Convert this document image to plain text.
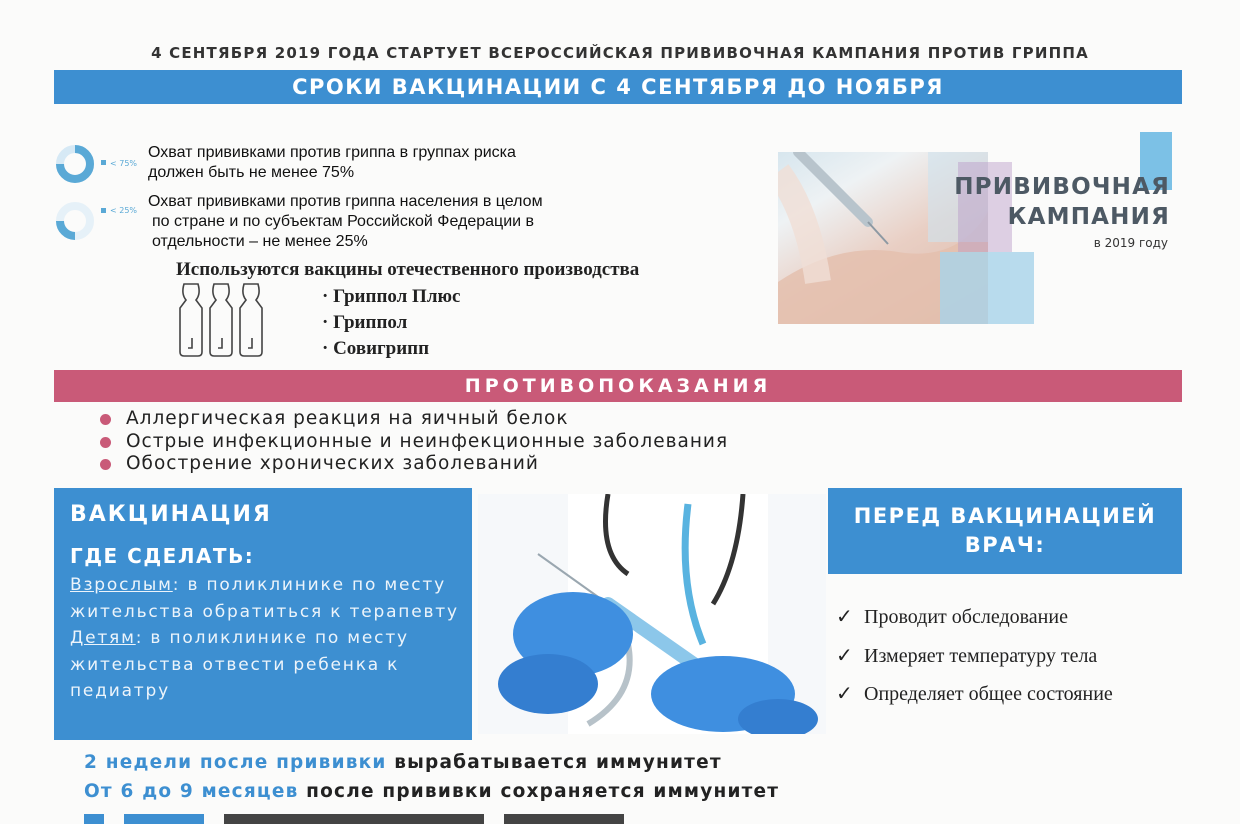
4 СЕНТЯБРЯ 2019 ГОДА СТАРТУЕТ ВСЕРОССИЙСКАЯ ПРИВИВОЧНАЯ КАМПАНИЯ ПРОТИВ ГРИППА
СРОКИ ВАКЦИНАЦИИ С 4 СЕНТЯБРЯ ДО НОЯБРЯ
< 75%
Охват прививками против гриппа в группах риска
должен быть не менее 75%
< 25%
Охват прививками против гриппа населения в целом
по стране и по субъектам Российской Федерации в
отдельности – не менее 25%
Используются вакцины отечественного производства
· Гриппол Плюс
· Гриппол
· Совигрипп
ПРИВИВОЧНАЯ
КАМПАНИЯ
в 2019 году
ПРОТИВОПОКАЗАНИЯ
Аллергическая реакция на яичный белок
Острые инфекционные и неинфекционные заболевания
Обострение хронических заболеваний
ВАКЦИНАЦИЯ
ГДЕ СДЕЛАТЬ:
Взрослым: в поликлинике по месту жительства обратиться к терапевту
Детям: в поликлинике по месту жительства отвести ребенка к педиатру
ПЕРЕД ВАКЦИНАЦИЕЙ
ВРАЧ:
✓ Проводит обследование
✓ Измеряет температуру тела
✓ Определяет общее состояние
2 недели после прививки вырабатывается иммунитет
От 6 до 9 месяцев после прививки сохраняется иммунитет
